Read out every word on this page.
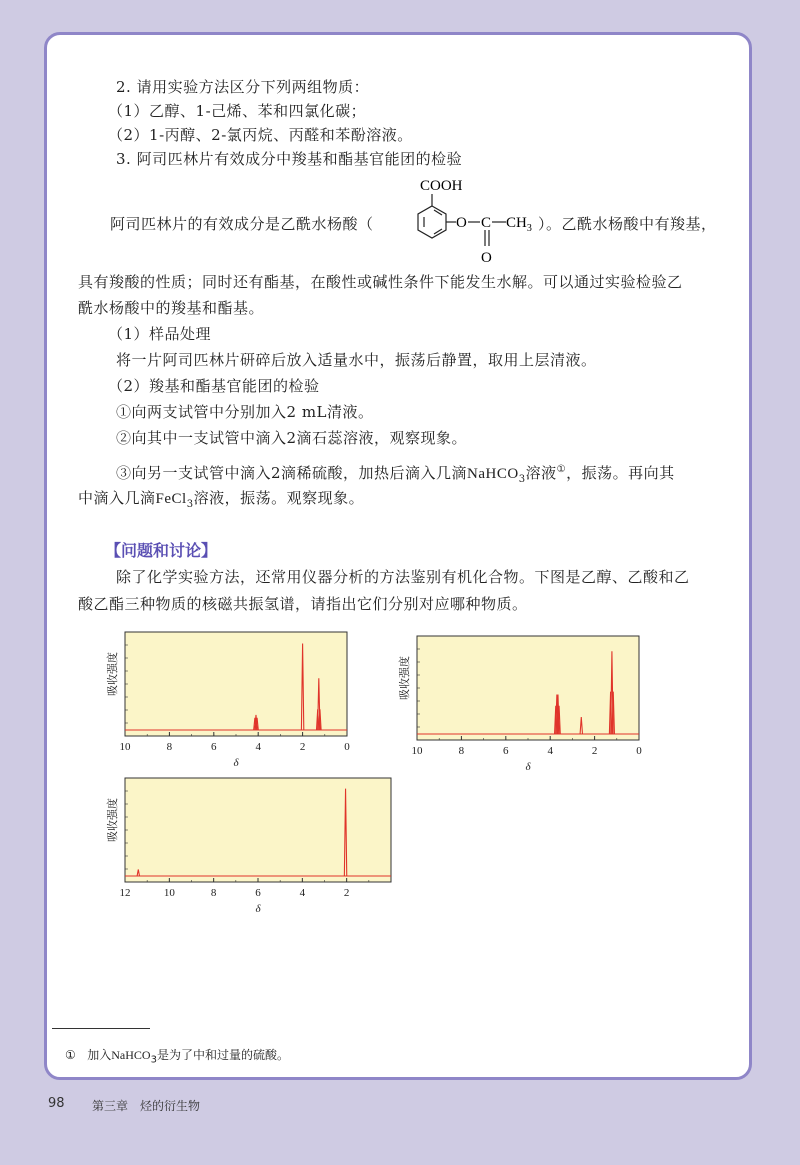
2. 请用实验方法区分下列两组物质：
（1）乙醇、1-己烯、苯和四氯化碳；
（2）1-丙醇、2-氯丙烷、丙醛和苯酚溶液。
3. 阿司匹林片有效成分中羧基和酯基官能团的检验
COOH
O C $CH_3$
O
阿司匹林片的有效成分是乙酰水杨酸（	）。乙酰水杨酸中有羧基，
具有羧酸的性质；同时还有酯基，在酸性或碱性条件下能发生水解。可以通过实验检验乙
酰水杨酸中的羧基和酯基。
（1）样品处理
将一片阿司匹林片研碎后放入适量水中，振荡后静置，取用上层清液。
（2）羧基和酯基官能团的检验
①向两支试管中分别加入2 mL清液。
②向其中一支试管中滴入2滴石蕊溶液，观察现象。
③向另一支试管中滴入2滴稀硫酸，加热后滴入几滴NaHCO$_3$溶液①，振荡。再向其
中滴入几滴FeCl$_3$溶液，振荡。观察现象。
【问题和讨论】
除了化学实验方法，还常用仪器分析的方法鉴别有机化合物。下图是乙醇、乙酸和乙
酸乙酯三种物质的核磁共振氢谱，请指出它们分别对应哪种物质。
10	8	6	4	2	0
δ
吸收强度
10	8	6	4	2	0
δ
吸收强度
12	10	8	6	4	2
δ
吸收强度
① 加入NaHCO$_3$是为了中和过量的硫酸。
98 第三章　烃的衍生物
